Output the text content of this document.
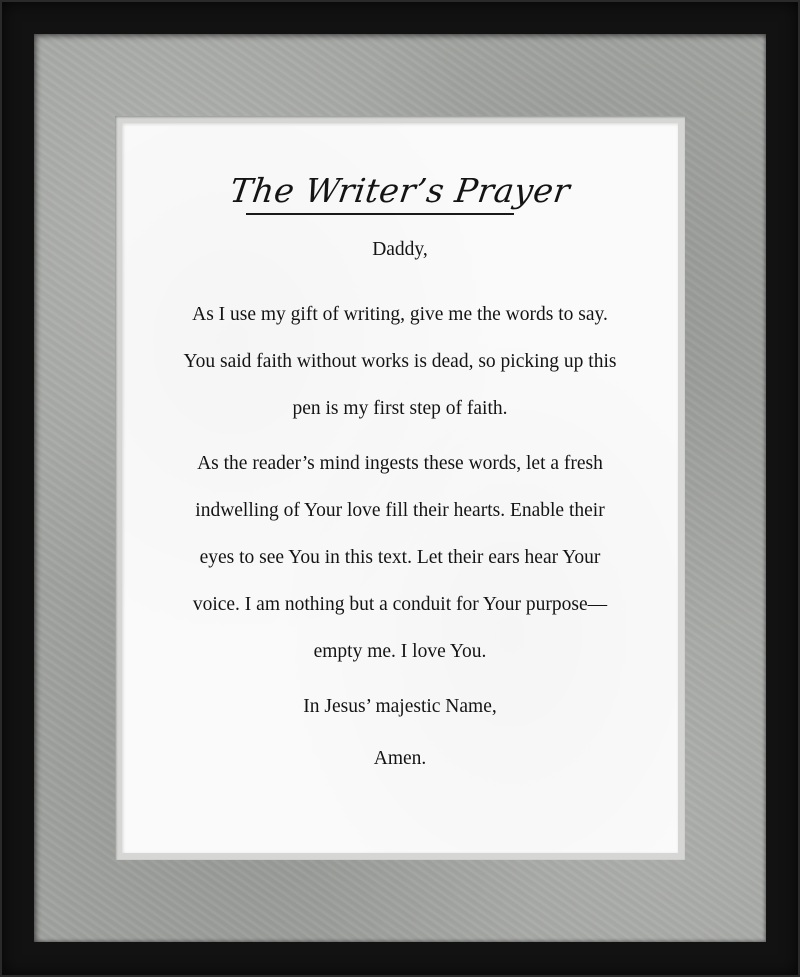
The Writer’s Prayer
Daddy,
As I use my gift of writing, give me the words to say.
You said faith without works is dead, so picking up this
pen is my first step of faith.
As the reader’s mind ingests these words, let a fresh
indwelling of Your love fill their hearts. Enable their
eyes to see You in this text. Let their ears hear Your
voice. I am nothing but a conduit for Your purpose—
empty me. I love You.
In Jesus’ majestic Name,
Amen.
